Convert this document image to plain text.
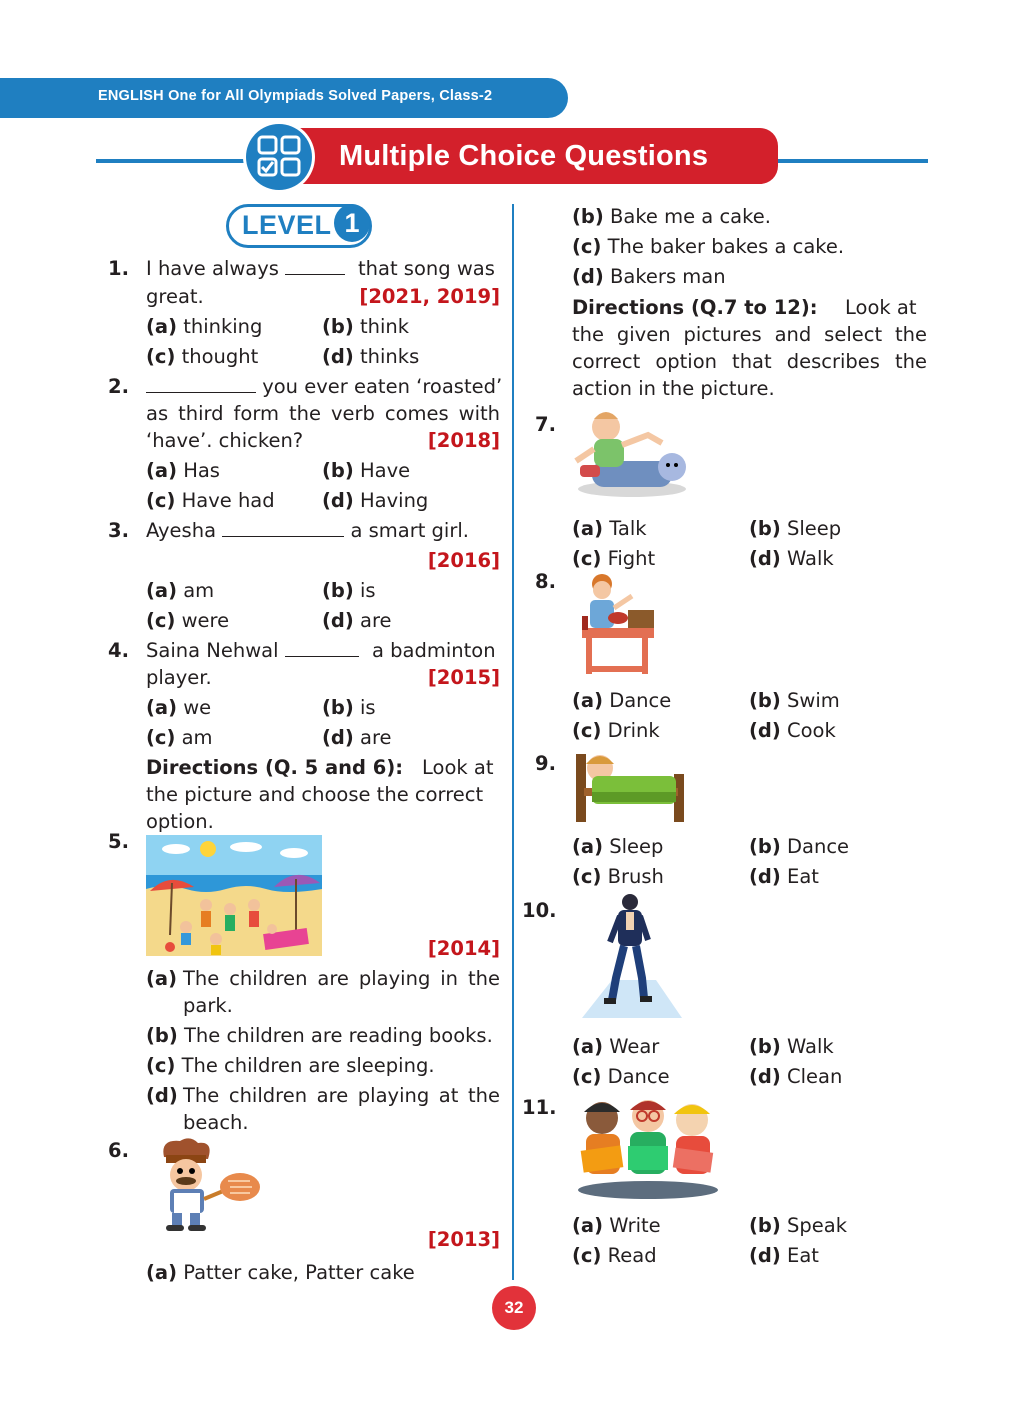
ENGLISH One for All Olympiads Solved Papers, Class-2
Multiple Choice Questions
LEVEL 1
1. I have always	that song was
great.	[2021, 2019]
(a) thinking	(b) think
(c) thought	(d) thinks
2.	you ever eaten ‘roasted’
as third form the verb comes with
‘have’. chicken?	[2018]
(a) Has	(b) Have
(c) Have had (d) Having
3. Ayesha	a smart girl.
[2016]
(a) am	(b) is
(c) were	(d) are
4. Saina Nehwal	a badminton
player.	[2015]
(a) we	(b) is
(c) am	(d) are
Directions (Q. 5 and 6): Look at
the picture and choose the correct
option.
5.
[2014]
(a) The children are playing in the
park.
(b) The children are reading books.
(c) The children are sleeping.
(d) The children are playing at the
beach.
6.
[2013]
(a) Patter cake, Patter cake
(b) Bake me a cake.
(c) The baker bakes a cake.
(d) Bakers man
Directions (Q.7 to 12): Look at
the given pictures and select the
correct option that describes the
action in the picture.
7.
(a) Talk	(b) Sleep
(c) Fight	(d) Walk
8.
(a) Dance	(b) Swim
(c) Drink	(d) Cook
9.
(a) Sleep	(b) Dance
(c) Brush	(d) Eat
10.
(a) Wear	(b) Walk
(c) Dance	(d) Clean
11.
(a) Write	(b) Speak
(c) Read	(d) Eat
32
